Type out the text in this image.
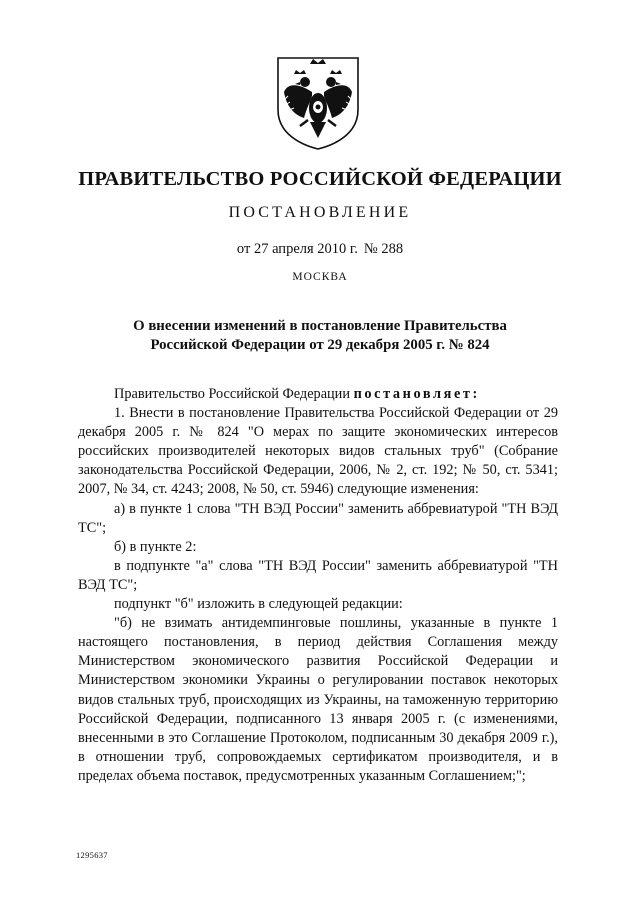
ПРАВИТЕЛЬСТВО РОССИЙСКОЙ ФЕДЕРАЦИИ
ПОСТАНОВЛЕНИЕ
от 27 апреля 2010 г. № 288
МОСКВА
О внесении изменений в постановление Правительства
Российской Федерации от 29 декабря 2005 г. № 824
Правительство Российской Федерации постановляет:
1. Внести в постановление Правительства Российской Федерации от 29 декабря 2005 г. № 824 "О мерах по защите экономических интересов российских производителей некоторых видов стальных труб" (Собрание законодательства Российской Федерации, 2006, № 2, ст. 192; № 50, ст. 5341; 2007, № 34, ст. 4243; 2008, № 50, ст. 5946) следующие изменения:
а) в пункте 1 слова "ТН ВЭД России" заменить аббревиатурой "ТН ВЭД ТС";
б) в пункте 2:
в подпункте "а" слова "ТН ВЭД России" заменить аббревиатурой "ТН ВЭД ТС";
подпункт "б" изложить в следующей редакции:
"б) не взимать антидемпинговые пошлины, указанные в пункте 1 настоящего постановления, в период действия Соглашения между Министерством экономического развития Российской Федерации и Министерством экономики Украины о регулировании поставок некоторых видов стальных труб, происходящих из Украины, на таможенную территорию Российской Федерации, подписанного 13 января 2005 г. (с изменениями, внесенными в это Соглашение Протоколом, подписанным 30 декабря 2009 г.), в отношении труб, сопровождаемых сертификатом производителя, и в пределах объема поставок, предусмотренных указанным Соглашением;";
1295637
